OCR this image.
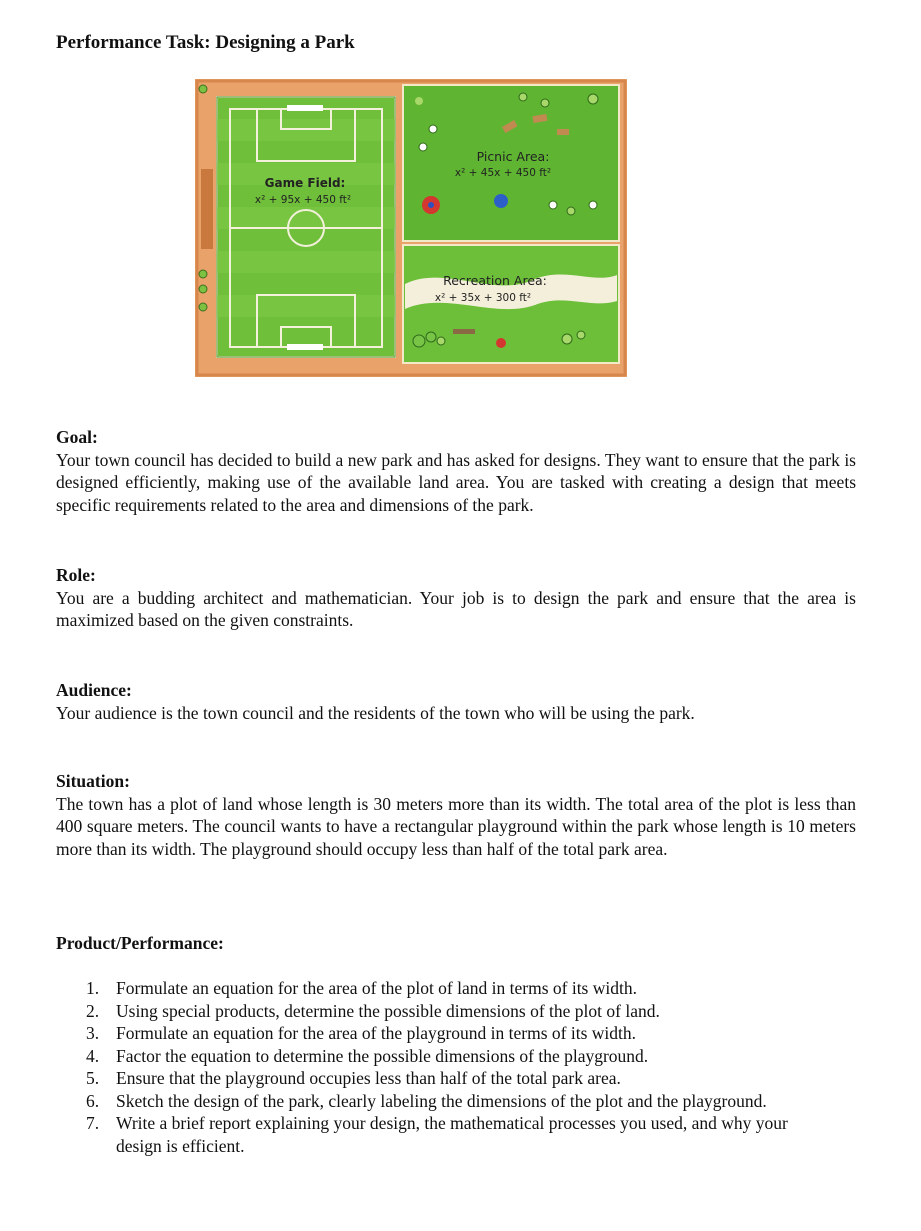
Performance Task: Designing a Park
Game Field:
x² + 95x + 450 ft²
Picnic Area:
x² + 45x + 450 ft²
Recreation Area:
x² + 35x + 300 ft²
Goal:

Your town council has decided to build a new park and has asked for designs. They want to ensure that the park is designed efficiently, making use of the available land area. You are tasked with creating a design that meets specific requirements related to the area and dimensions of the park.

Role:

You are a budding architect and mathematician. Your job is to design the park and ensure that the area is maximized based on the given constraints.

Audience:

Your audience is the town council and the residents of the town who will be using the park.

Situation:

The town has a plot of land whose length is 30 meters more than its width. The total area of the plot is less than 400 square meters. The council wants to have a rectangular playground within the park whose length is 10 meters more than its width. The playground should occupy less than half of the total park area.

Product/Performance:
1. Formulate an equation for the area of the plot of land in terms of its width.
2. Using special products, determine the possible dimensions of the plot of land.
3. Formulate an equation for the area of the playground in terms of its width.
4. Factor the equation to determine the possible dimensions of the playground.
5. Ensure that the playground occupies less than half of the total park area.
6. Sketch the design of the park, clearly labeling the dimensions of the plot and the playground.
7. Write a brief report explaining your design, the mathematical processes you used, and why your design is efficient.
